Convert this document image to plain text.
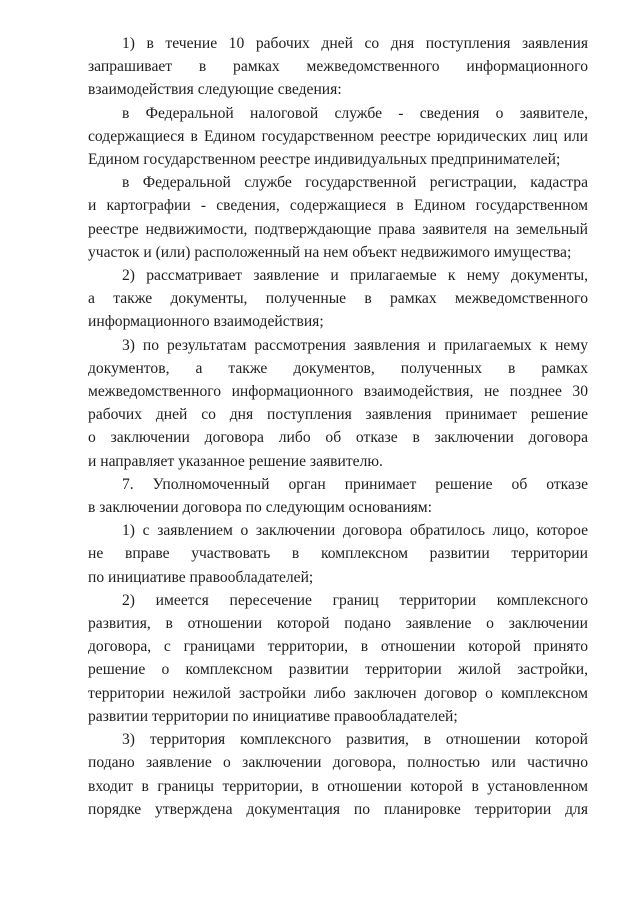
1) в течение 10 рабочих дней со дня поступления заявления
запрашивает в рамках межведомственного информационного
взаимодействия следующие сведения:
в Федеральной налоговой службе - сведения о заявителе,
содержащиеся в Едином государственном реестре юридических лиц или
Едином государственном реестре индивидуальных предпринимателей;
в Федеральной службе государственной регистрации, кадастра
и картографии - сведения, содержащиеся в Едином государственном
реестре недвижимости, подтверждающие права заявителя на земельный
участок и (или) расположенный на нем объект недвижимого имущества;
2) рассматривает заявление и прилагаемые к нему документы,
а также документы, полученные в рамках межведомственного
информационного взаимодействия;
3) по результатам рассмотрения заявления и прилагаемых к нему
документов, а также документов, полученных в рамках
межведомственного информационного взаимодействия, не позднее 30
рабочих дней со дня поступления заявления принимает решение
о заключении договора либо об отказе в заключении договора
и направляет указанное решение заявителю.
7. Уполномоченный орган принимает решение об отказе
в заключении договора по следующим основаниям:
1) с заявлением о заключении договора обратилось лицо, которое
не вправе участвовать в комплексном развитии территории
по инициативе правообладателей;
2) имеется пересечение границ территории комплексного
развития, в отношении которой подано заявление о заключении
договора, с границами территории, в отношении которой принято
решение о комплексном развитии территории жилой застройки,
территории нежилой застройки либо заключен договор о комплексном
развитии территории по инициативе правообладателей;
3) территория комплексного развития, в отношении которой
подано заявление о заключении договора, полностью или частично
входит в границы территории, в отношении которой в установленном
порядке утверждена документация по планировке территории для
